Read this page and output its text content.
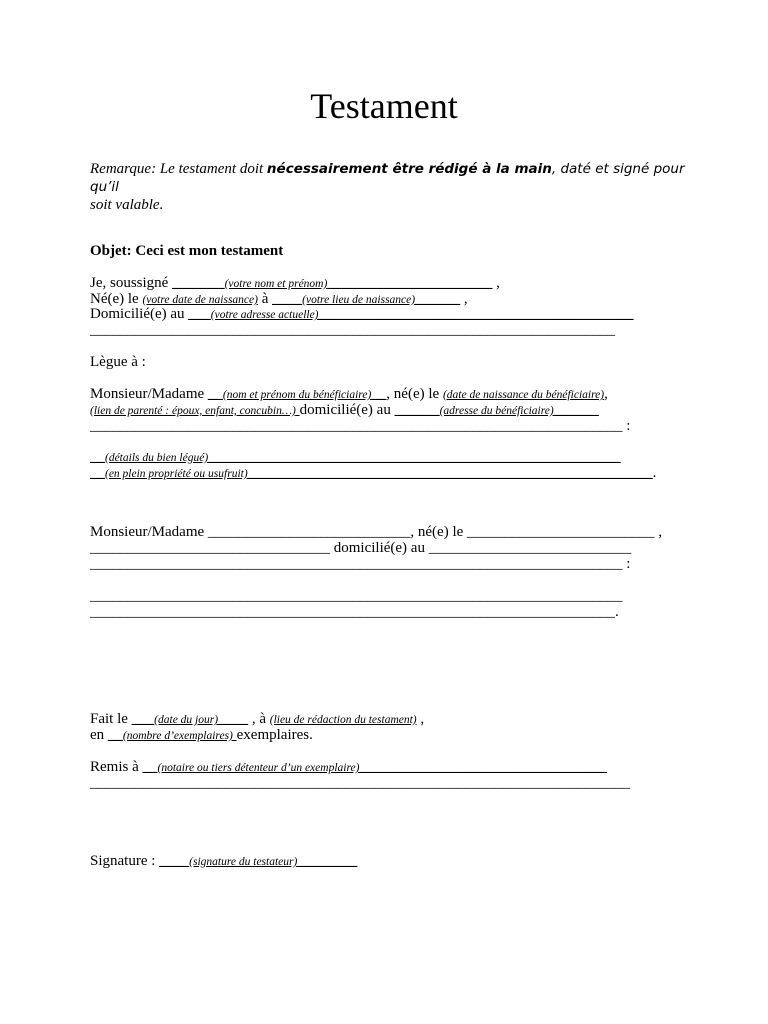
Testament
Remarque: Le testament doit nécessairement être rédigé à la main, daté et signé pour qu’il
soit valable.
Objet: Ceci est mon testament
Je, soussigné _______(votre nom et prénom)______________________ ,
Né(e) le (votre date de naissance) à ____(votre lieu de naissance)______ ,
Domicilié(e) au ___(votre adresse actuelle)__________________________________________
______________________________________________________________________
Lègue à :
Monsieur/Madame __(nom et prénom du bénéficiaire)__, né(e) le (date de naissance du bénéficiaire),
(lien de parenté : époux, enfant, concubin…) domicilié(e) au ______(adresse du bénéficiaire)______
_______________________________________________________________________ :
__(détails du bien légué)_______________________________________________________
__(en plein propriété ou usufruit)______________________________________________________.
Monsieur/Madame ___________________________, né(e) le _________________________ ,
________________________________ domicilié(e) au ___________________________
_______________________________________________________________________ :
_______________________________________________________________________
______________________________________________________________________.
Fait le ___(date du jour)____ , à (lieu de rédaction du testament) ,
en __(nombre d’exemplaires) exemplaires.
Remis à __(notaire ou tiers détenteur d’un exemplaire)_________________________________
________________________________________________________________________
Signature : ____(signature du testateur)________
